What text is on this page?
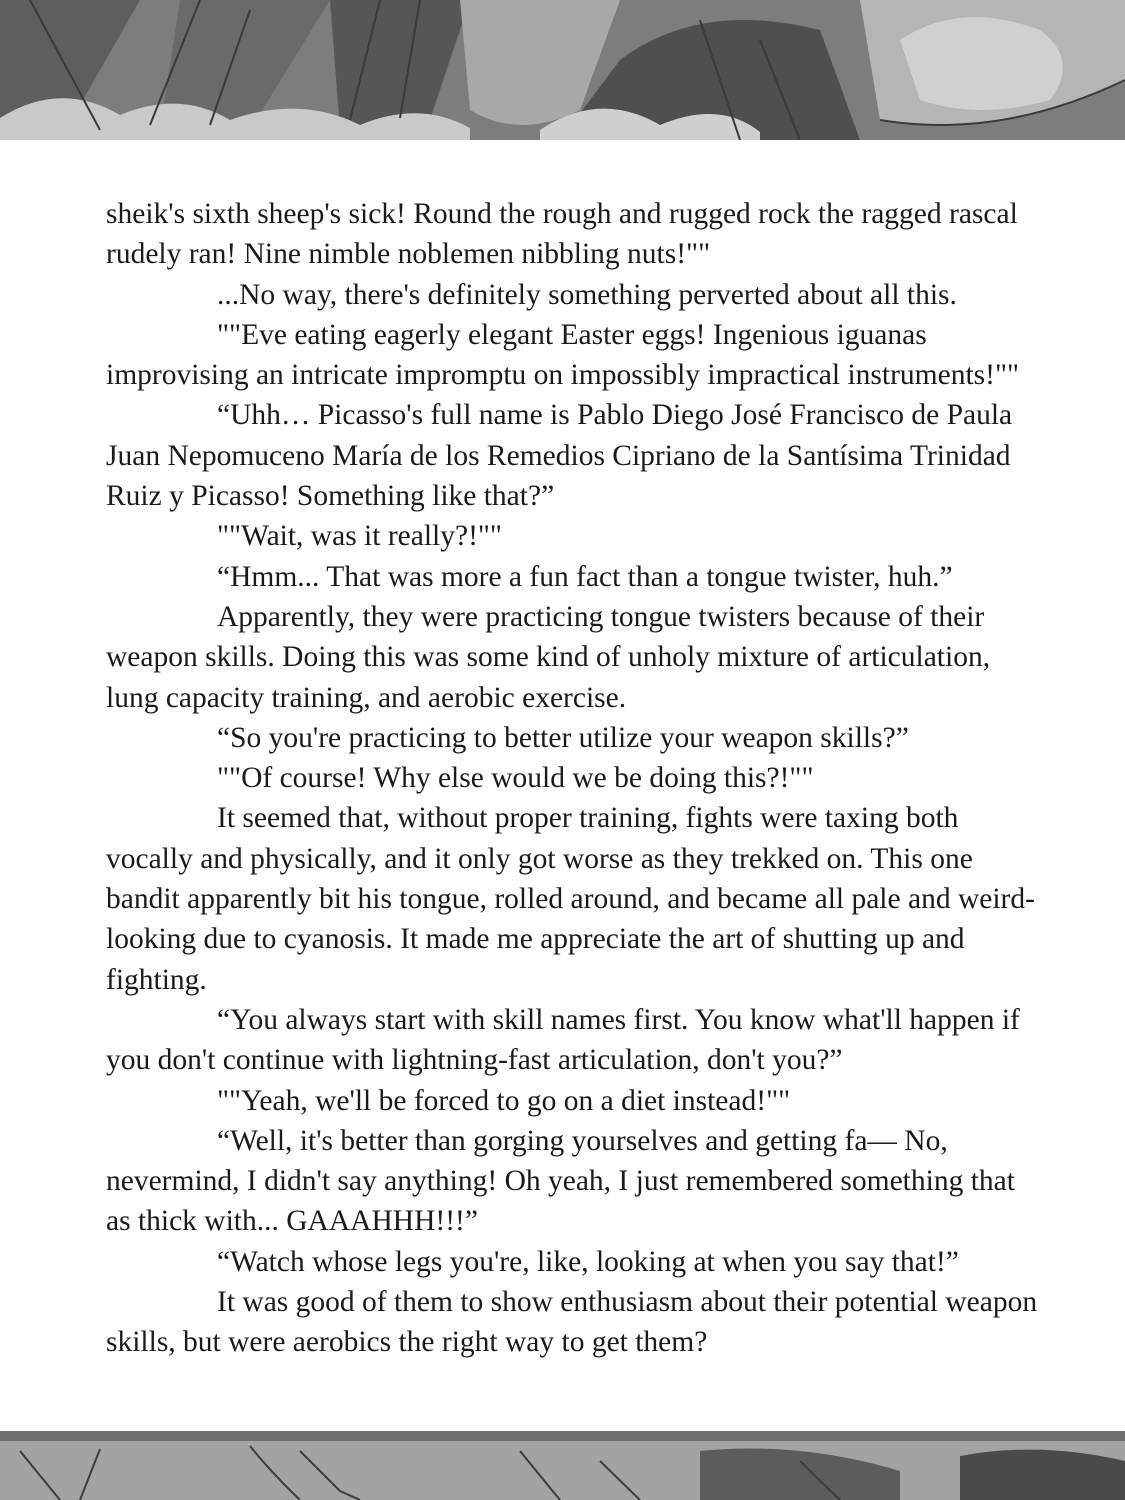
sheik's sixth sheep's sick! Round the rough and rugged rock the ragged rascal rudely ran! Nine nimble noblemen nibbling nuts!""

...No way, there's definitely something perverted about all this.

""Eve eating eagerly elegant Easter eggs! Ingenious iguanas improvising an intricate impromptu on impossibly impractical instruments!""

“Uhh… Picasso's full name is Pablo Diego José Francisco de Paula Juan Nepomuceno María de los Remedios Cipriano de la Santísima Trinidad Ruiz y Picasso! Something like that?”

""Wait, was it really?!""

“Hmm... That was more a fun fact than a tongue twister, huh.”

Apparently, they were practicing tongue twisters because of their weapon skills. Doing this was some kind of unholy mixture of articulation, lung capacity training, and aerobic exercise.

“So you're practicing to better utilize your weapon skills?”

""Of course! Why else would we be doing this?!""

It seemed that, without proper training, fights were taxing both vocally and physically, and it only got worse as they trekked on. This one bandit apparently bit his tongue, rolled around, and became all pale and weird-looking due to cyanosis. It made me appreciate the art of shutting up and fighting.

“You always start with skill names first. You know what'll happen if you don't continue with lightning-fast articulation, don't you?”

""Yeah, we'll be forced to go on a diet instead!""

“Well, it's better than gorging yourselves and getting fa— No, nevermind, I didn't say anything! Oh yeah, I just remembered something that as thick with... GAAAHHH!!!”

“Watch whose legs you're, like, looking at when you say that!”

It was good of them to show enthusiasm about their potential weapon skills, but were aerobics the right way to get them?
